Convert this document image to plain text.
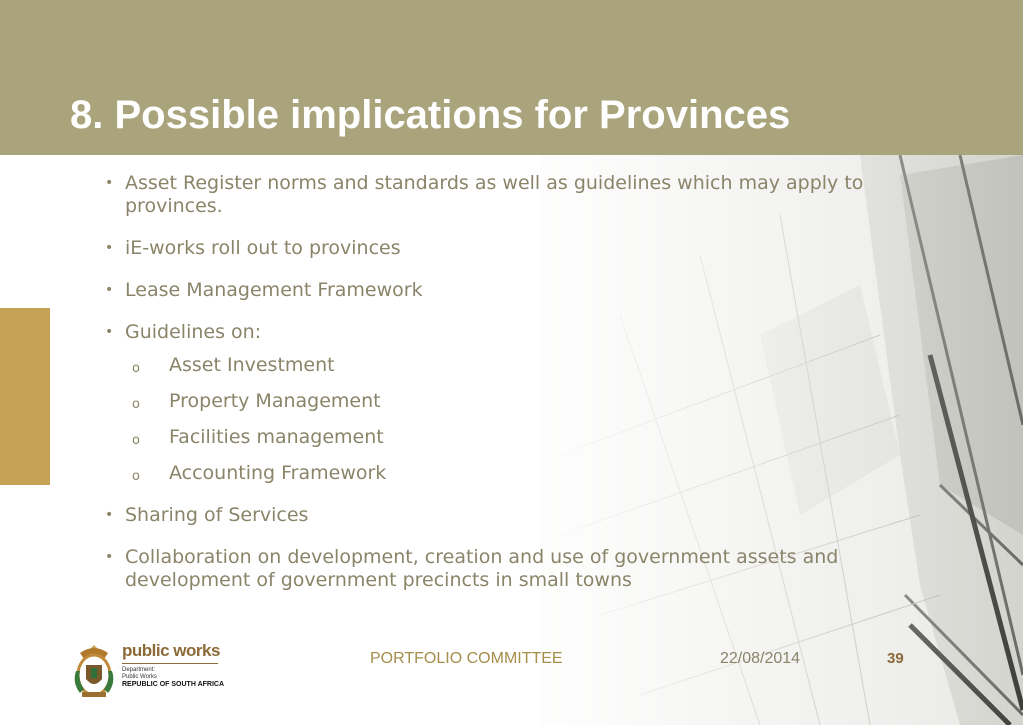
8. Possible implications for Provinces
• Asset Register norms and standards as well as guidelines which may apply to provinces.
• iE-works roll out to provinces
• Lease Management Framework
• Guidelines on:
o Asset Investment
o Property Management
o Facilities management
o Accounting Framework
• Sharing of Services
• Collaboration on development, creation and use of government assets and development of government precincts in small towns
public works
Department:
Public Works
REPUBLIC OF SOUTH AFRICA
PORTFOLIO COMMITTEE	22/08/2014	39
